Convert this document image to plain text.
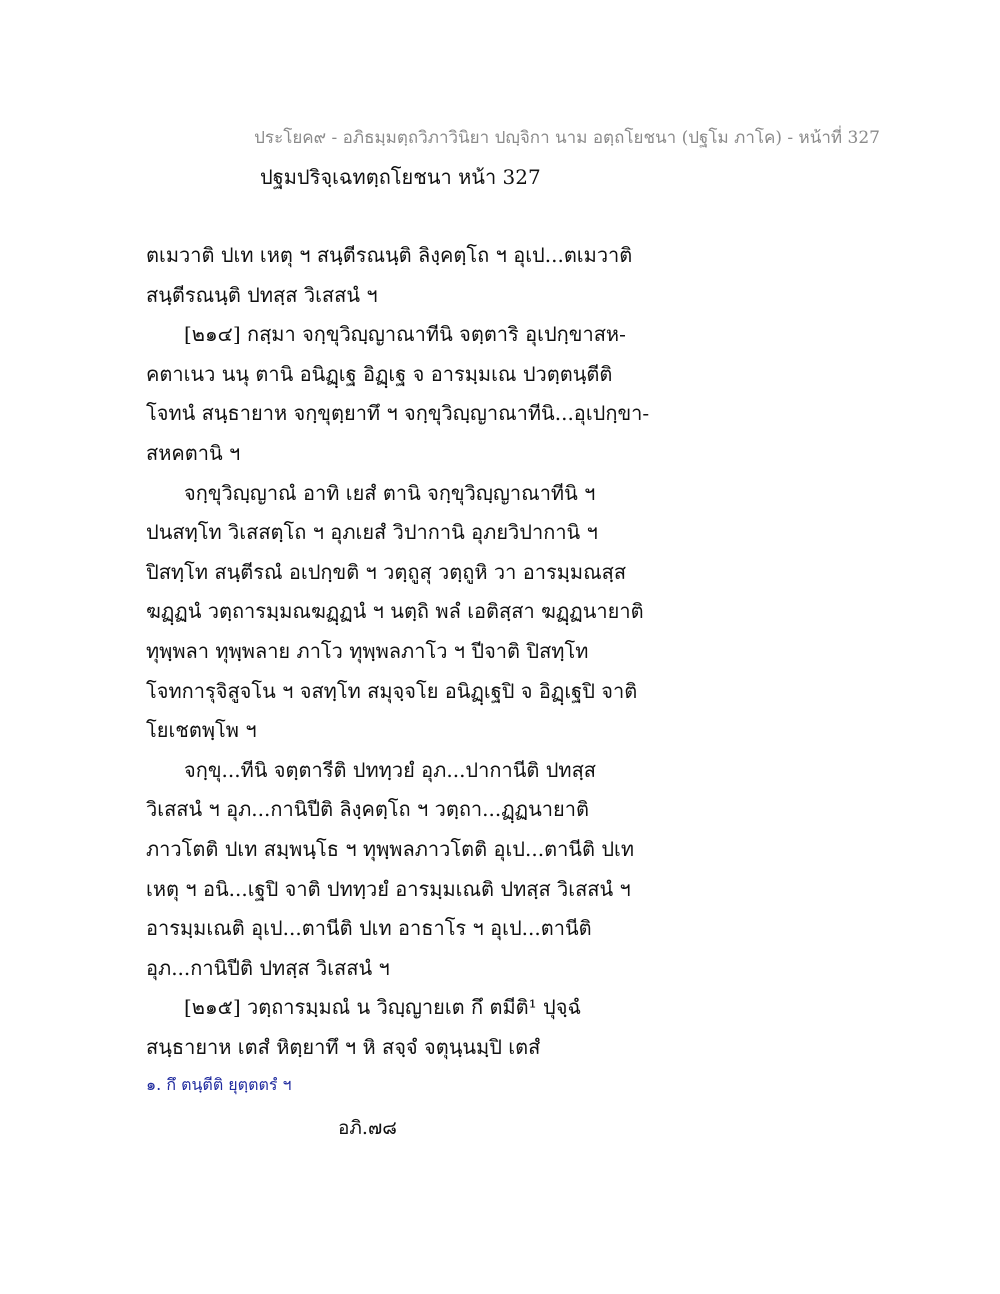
ประโยค๙ - อภิธมฺมตฺถวิภาวินิยา ปญฺจิกา นาม อตฺถโยชนา (ปฐโม ภาโค) - หน้าที่ 327
ปฐมปริจฺเฉทตฺถโยชนา หน้า 327
ตเมวาติ ปเท เหตุ ฯ สนฺตีรณนฺติ ลิงฺคตฺโถ ฯ อุเป...ตเมวาติ
สนฺตีรณนฺติ ปทสฺส วิเสสนํ ฯ
[๒๑๔] กสฺมา จกฺขุวิญฺญาณาทีนิ จตฺตาริ อุเปกฺขาสห-
คตาเนว นนุ ตานิ อนิฏฺเฐ อิฏฺเฐ จ อารมฺมเณ ปวตฺตนฺตีติ
โจทนํ สนฺธายาห จกฺขุตฺยาทึ ฯ จกฺขุวิญฺญาณาทีนิ...อุเปกฺขา-
สหคตานิ ฯ
จกฺขุวิญฺญาณํ อาทิ เยสํ ตานิ จกฺขุวิญฺญาณาทีนิ ฯ
ปนสทฺโท วิเสสตฺโถ ฯ อุภเยสํ วิปากานิ อุภยวิปากานิ ฯ
ปิสทฺโท สนฺตีรณํ อเปกฺขติ ฯ วตฺถูสุ วตฺถูหิ วา อารมฺมณสฺส
ฆฏฺฏนํ วตฺถารมฺมณฆฏฺฏนํ ฯ นตฺถิ พลํ เอติสฺสา ฆฏฺฏนายาติ
ทุพฺพลา ทุพฺพลาย ภาโว ทุพฺพลภาโว ฯ ปีจาติ ปิสทฺโท
โจทการุจิสูจโน ฯ จสทฺโท สมุจฺจโย อนิฏฺเฐปิ จ อิฏฺเฐปิ จาติ
โยเชตพฺโพ ฯ
จกฺขุ...ทีนิ จตฺตารีติ ปททฺวยํ อุภ...ปากานีติ ปทสฺส
วิเสสนํ ฯ อุภ...กานิปีติ ลิงฺคตฺโถ ฯ วตฺถา...ฏฺฏนายาติ
ภาวโตติ ปเท สมฺพนฺโธ ฯ ทุพฺพลภาวโตติ อุเป...ตานีติ ปเท
เหตุ ฯ อนิ...เฐปิ จาติ ปททฺวยํ อารมฺมเณติ ปทสฺส วิเสสนํ ฯ
อารมฺมเณติ อุเป...ตานีติ ปเท อาธาโร ฯ อุเป...ตานีติ
อุภ...กานิปีติ ปทสฺส วิเสสนํ ฯ
[๒๑๕] วตฺถารมฺมณํ น วิญฺญายเต กึ ตมีติ¹ ปุจฺฉํ
สนฺธายาห เตสํ หิตฺยาทึ ฯ หิ สจฺจํ จตุนฺนมฺปิ เตสํ
๑. กึ ตนฺตีติ ยุตฺตตรํ ฯ
อภิ.๗๘
